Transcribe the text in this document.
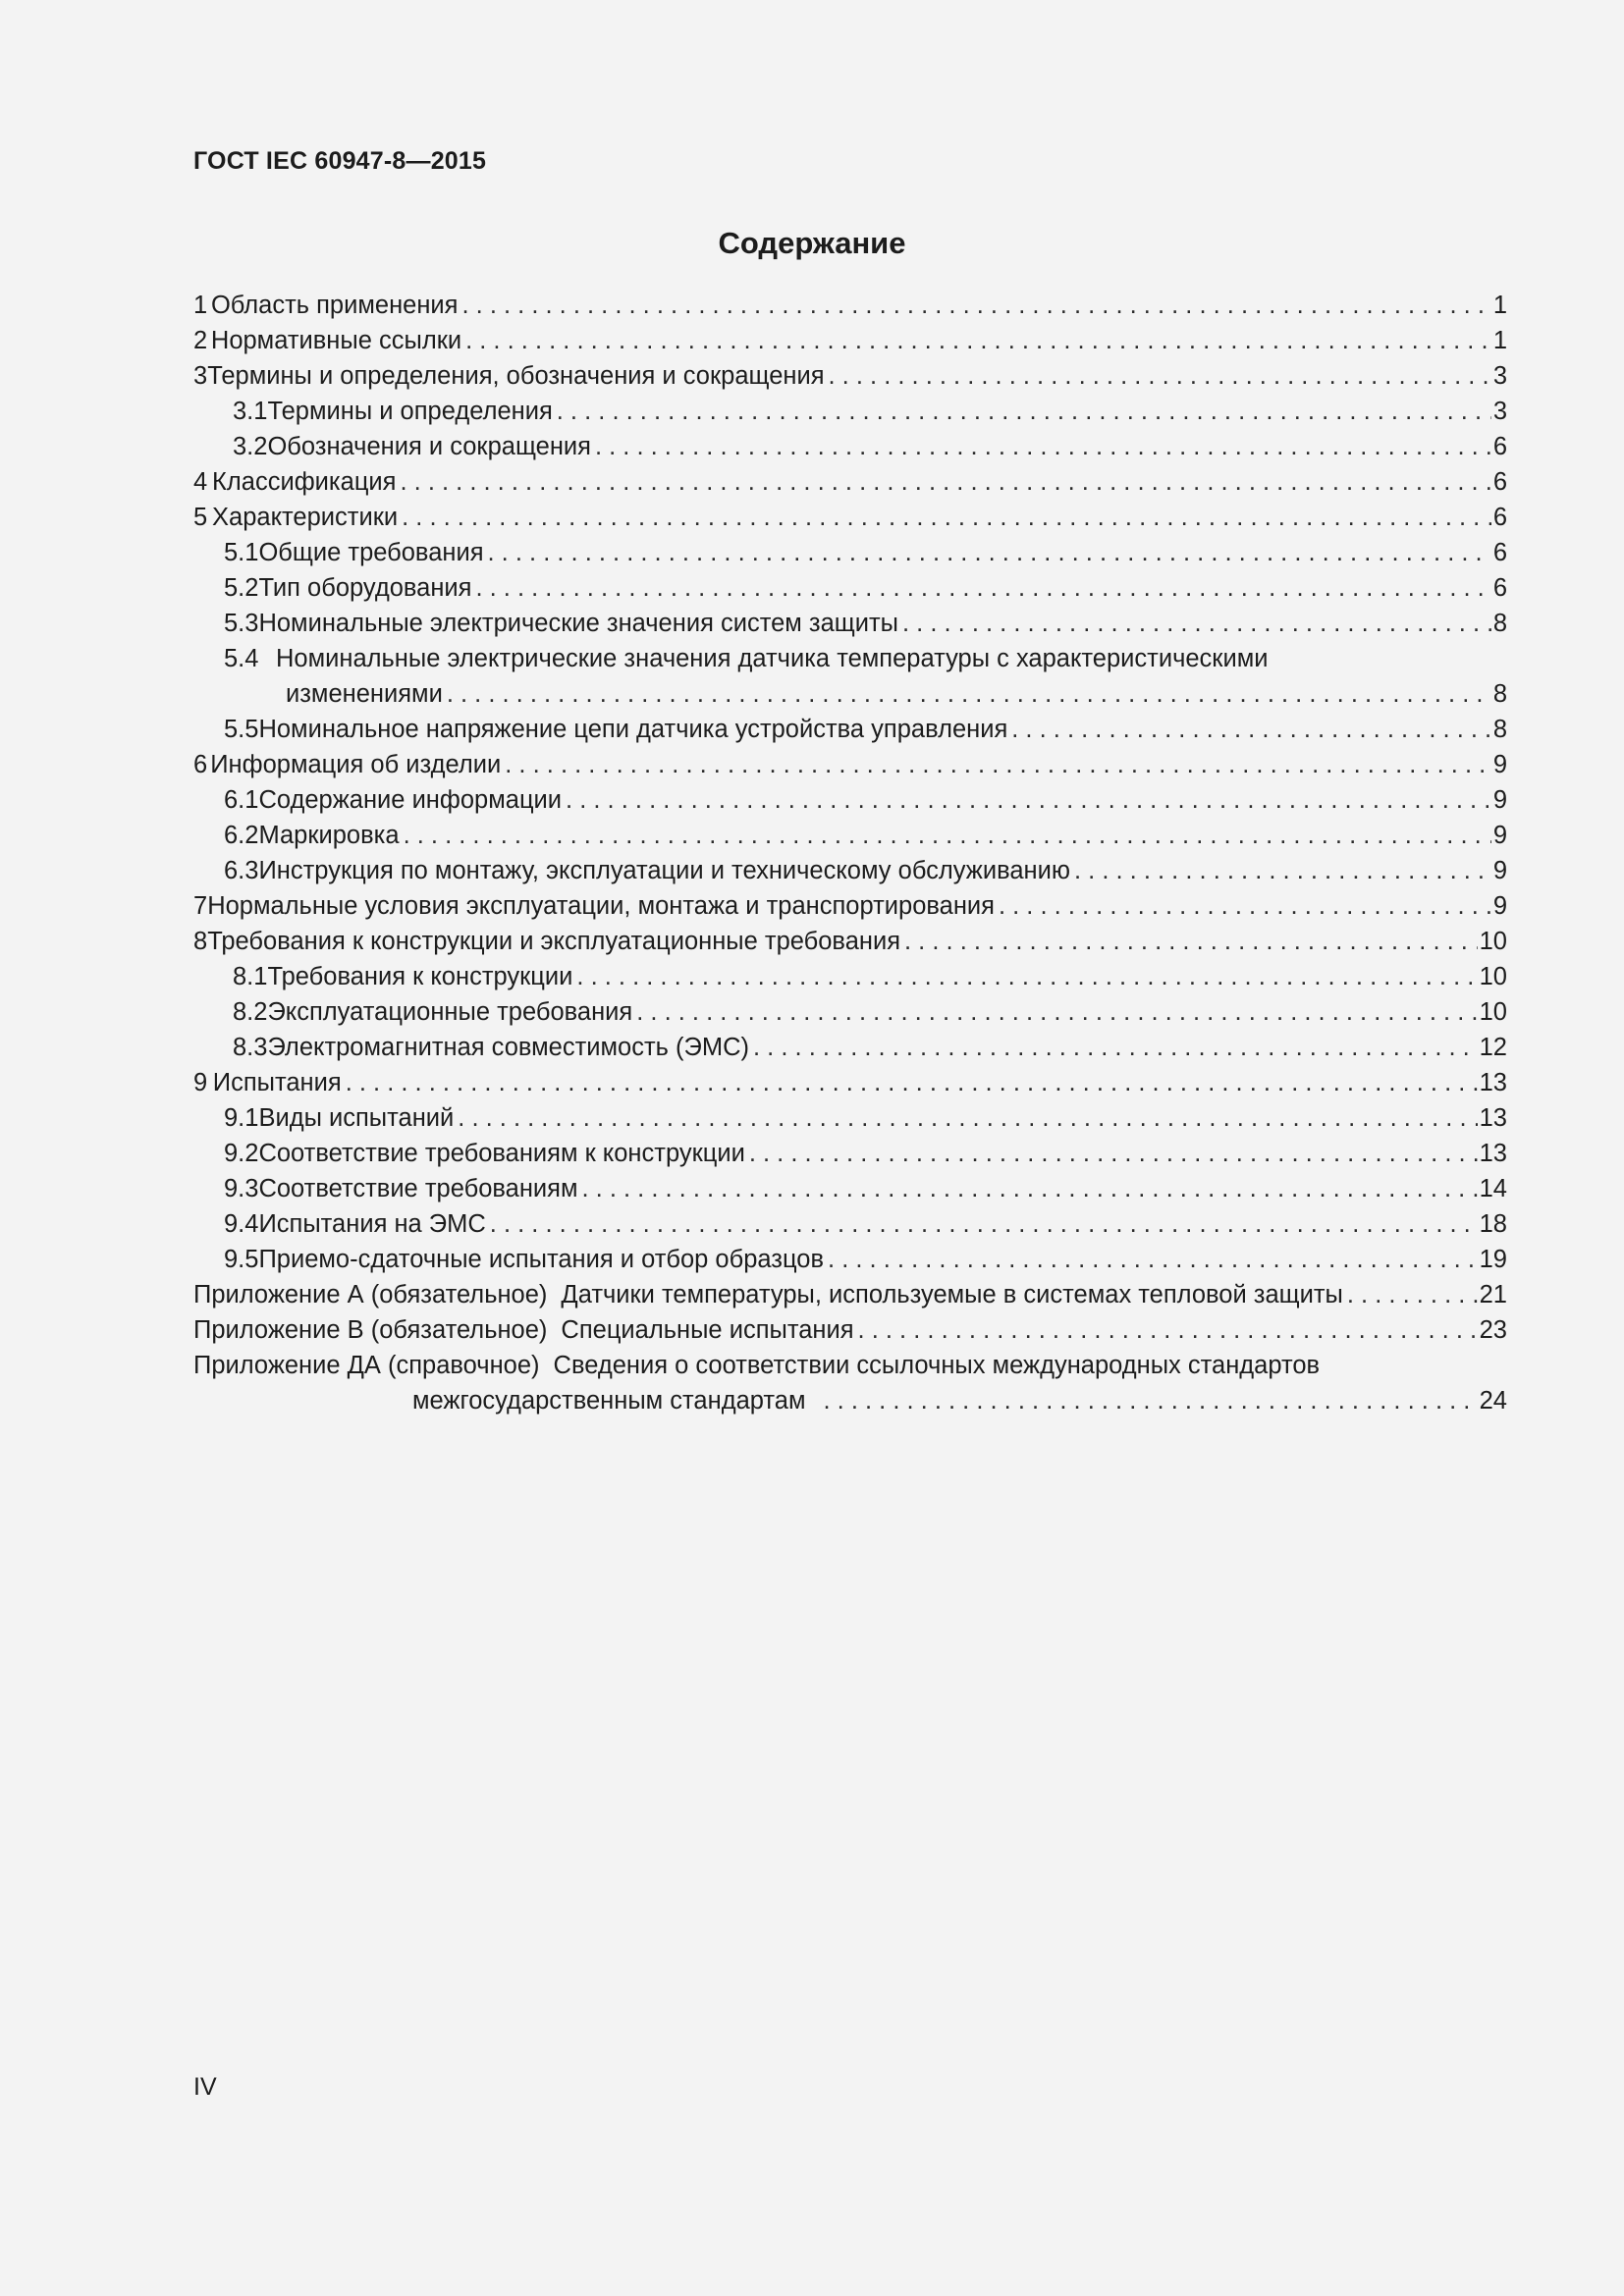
ГОСТ IEC 60947-8—2015
Содержание
1 Область применения . . .	1
2 Нормативные ссылки . . .	1
3 Термины и определения, обозначения и сокращения . . .	3
3.1 Термины и определения . . .	3
3.2 Обозначения и сокращения . . .	6
4 Классификация . . .	6
5 Характеристики . . .	6
5.1 Общие требования . . .	6
5.2 Тип оборудования . . .	6
5.3 Номинальные электрические значения систем защиты . . .	8
5.4 Номинальные электрические значения датчика температуры с характеристическими
изменениями . . .	8
5.5 Номинальное напряжение цепи датчика устройства управления . . .	8
6 Информация об изделии . . .	9
6.1 Содержание информации . . .	9
6.2 Маркировка . . .	9
6.3 Инструкция по монтажу, эксплуатации и техническому обслуживанию . . .	9
7 Нормальные условия эксплуатации, монтажа и транспортирования . . .	9
8 Требования к конструкции и эксплуатационные требования . . .	10
8.1 Требования к конструкции . . .	10
8.2 Эксплуатационные требования . . .	10
8.3 Электромагнитная совместимость (ЭМС) . . .	12
9 Испытания . . .	13
9.1 Виды испытаний . . .	13
9.2 Соответствие требованиям к конструкции . . .	13
9.3 Соответствие требованиям . . .	14
9.4 Испытания на ЭМС . . .	18
9.5 Приемо-сдаточные испытания и отбор образцов . . .	19
Приложение А (обязательное) Датчики температуры, используемые в системах тепловой защиты . . .	21
Приложение В (обязательное) Специальные испытания . . .	23
Приложение ДА (справочное) Сведения о соответствии ссылочных международных стандартов
межгосударственным стандартам . . .	24
IV
